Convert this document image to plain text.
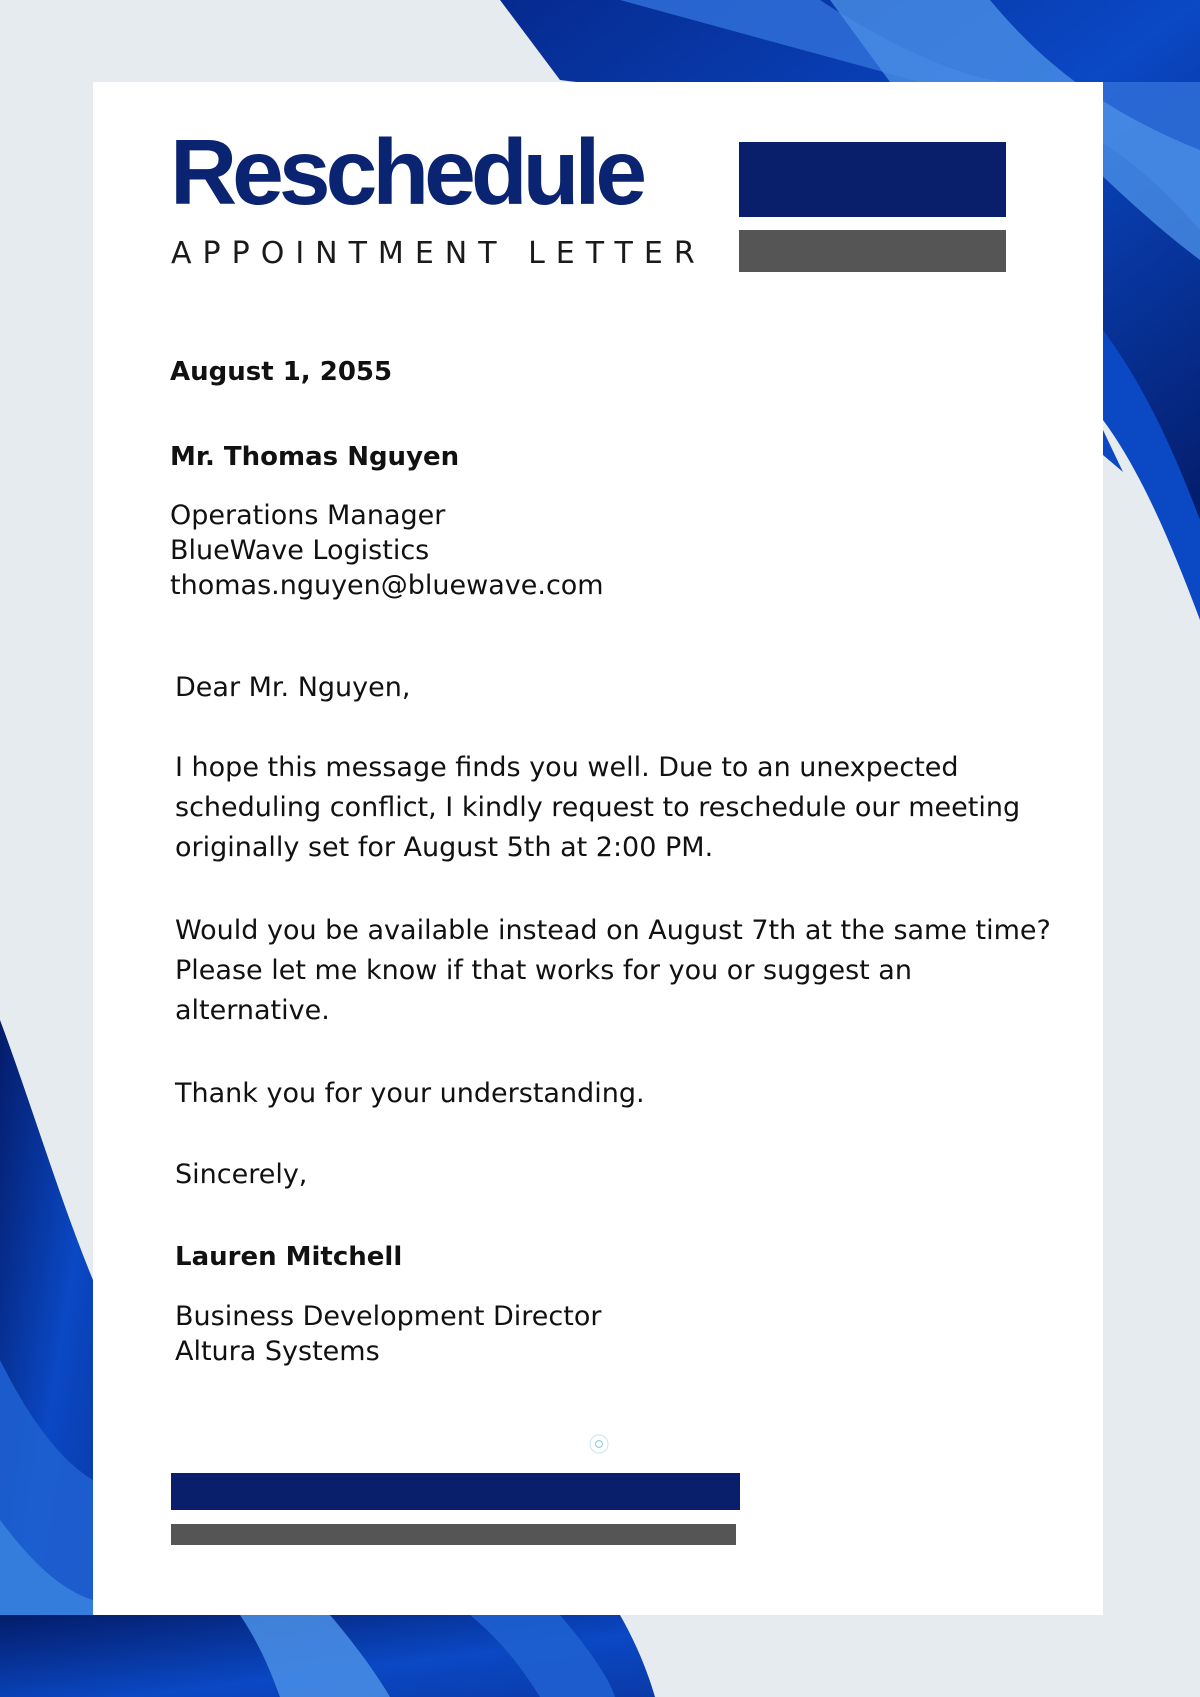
Reschedule
APPOINTMENT LETTER
August 1, 2055
Mr. Thomas Nguyen
Operations Manager
BlueWave Logistics
thomas.nguyen@bluewave.com
Dear Mr. Nguyen,
I hope this message finds you well. Due to an unexpected scheduling conflict, I kindly request to reschedule our meeting originally set for August 5th at 2:00 PM.
Would you be available instead on August 7th at the same time? Please let me know if that works for you or suggest an alternative.
Thank you for your understanding.
Sincerely,
Lauren Mitchell
Business Development Director
Altura Systems
